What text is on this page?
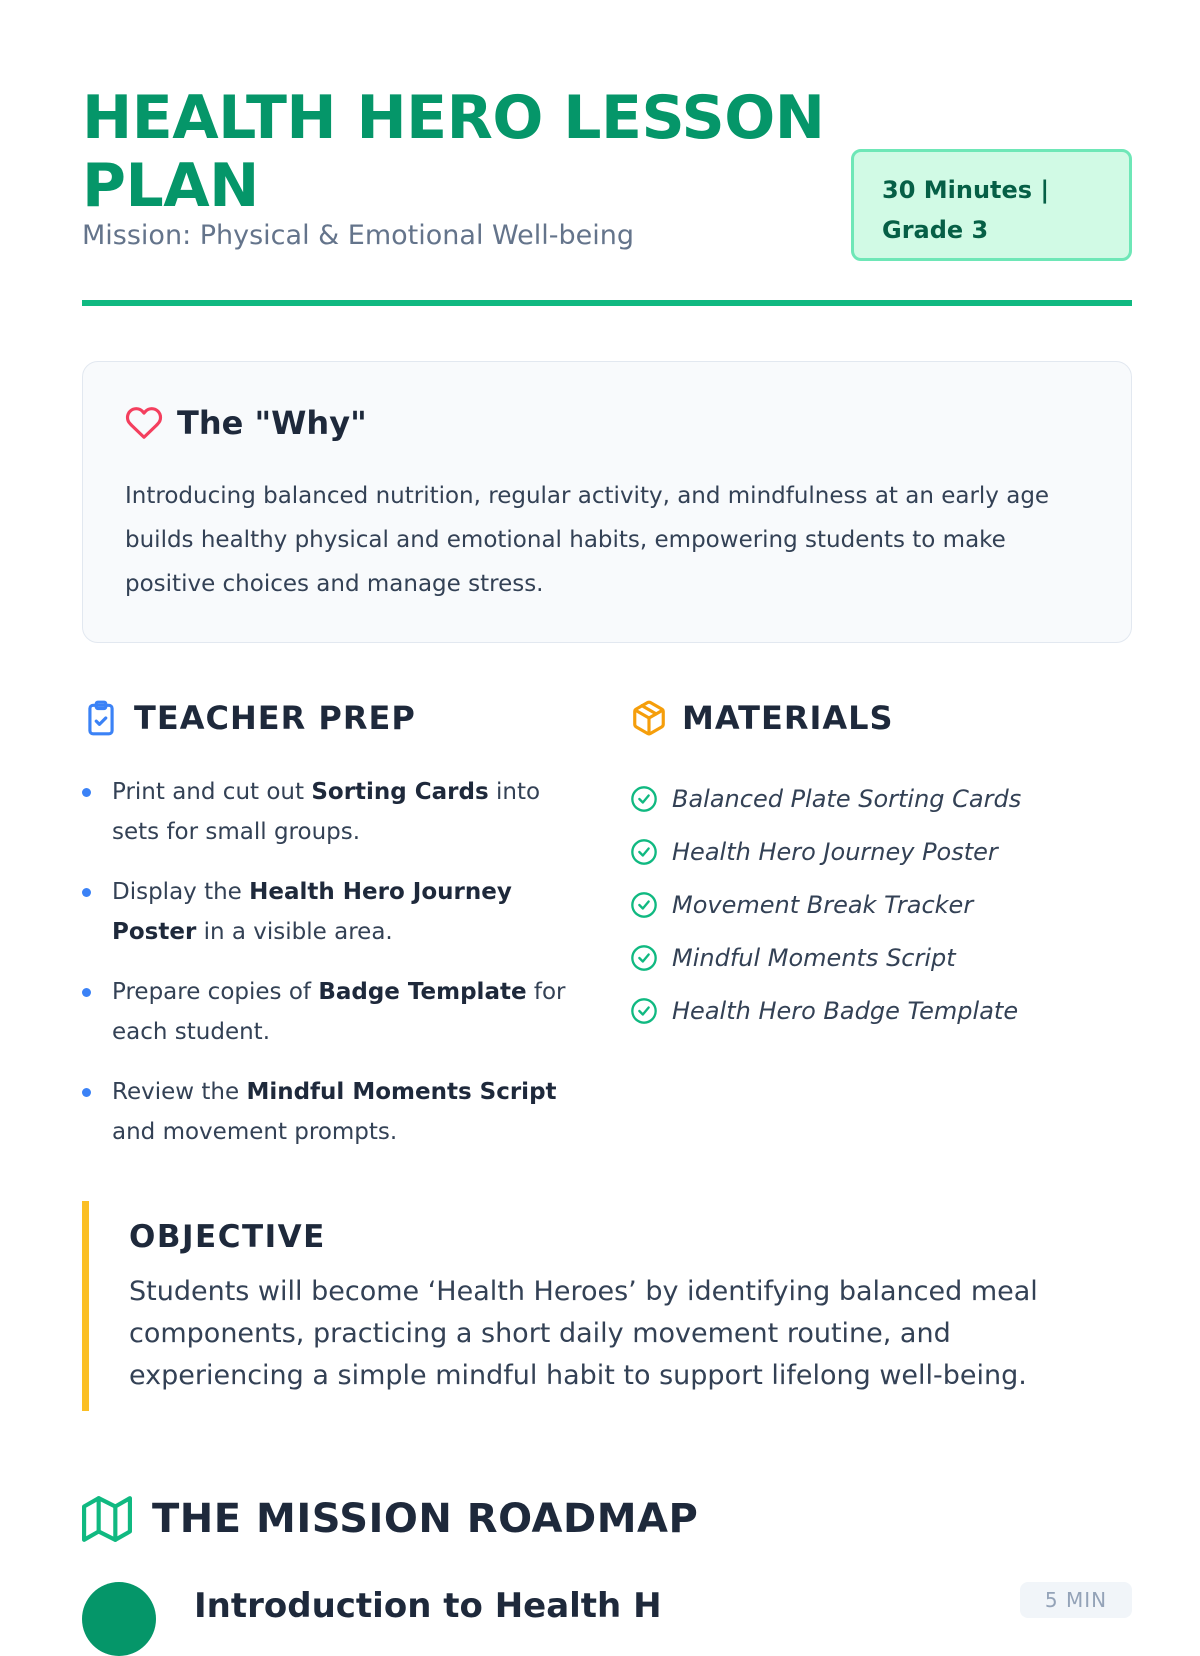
HEALTH HERO LESSON PLAN
Mission: Physical & Emotional Well-being
30 Minutes |
Grade 3
The "Why"

Introducing balanced nutrition, regular activity, and mindfulness at an early age builds healthy physical and emotional habits, empowering students to make positive choices and manage stress.

TEACHER PREP
Print and cut out Sorting Cards into sets for small groups.
Display the Health Hero Journey Poster in a visible area.
Prepare copies of Badge Template for each student.
Review the Mindful Moments Script and movement prompts.
MATERIALS
Balanced Plate Sorting Cards
Health Hero Journey Poster
Movement Break Tracker
Mindful Moments Script
Health Hero Badge Template
OBJECTIVE

Students will become ‘Health Heroes’ by identifying balanced meal components, practicing a short daily movement routine, and experiencing a simple mindful habit to support lifelong well-being.

THE MISSION ROADMAP
Introduction to Health H	5 MIN
